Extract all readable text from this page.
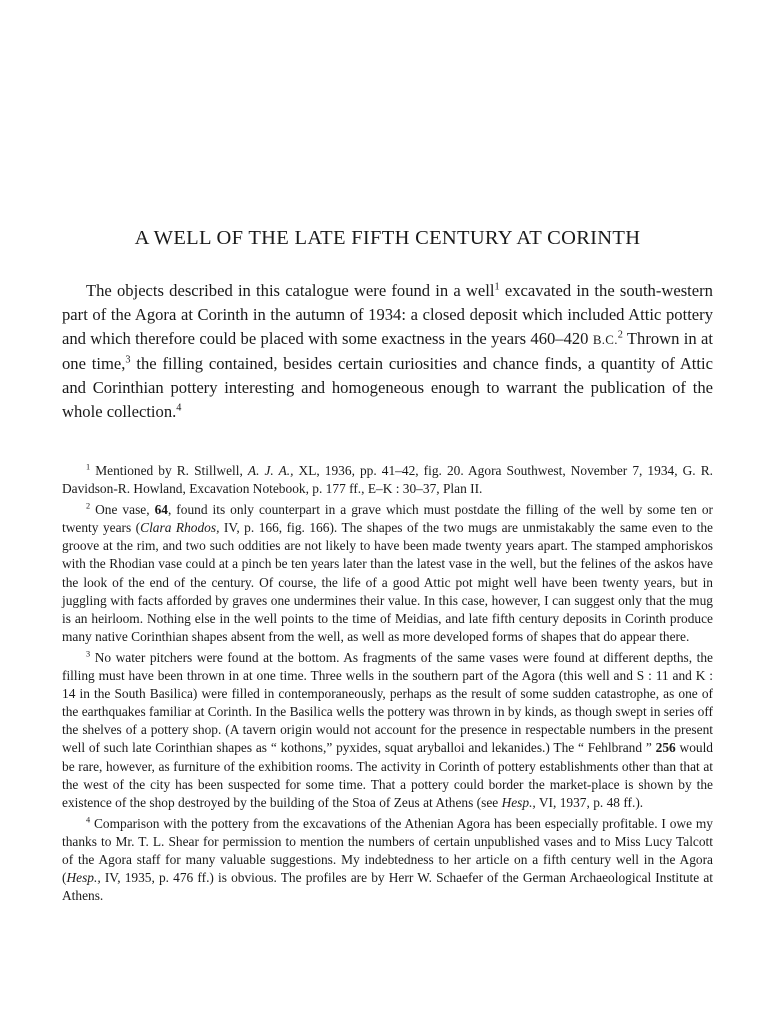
A WELL OF THE LATE FIFTH CENTURY AT CORINTH

The objects described in this catalogue were found in a well$^1$ excavated in the south-western part of the Agora at Corinth in the autumn of 1934: a closed deposit which included Attic pottery and which therefore could be placed with some exactness in the years 460–420 B.C.$^2$ Thrown in at one time,$^3$ the filling contained, besides certain curiosities and chance finds, a quantity of Attic and Corinthian pottery interesting and homogeneous enough to warrant the publication of the whole collection.$^4$

$^1$ Mentioned by R. Stillwell, A. J. A., XL, 1936, pp. 41–42, fig. 20. Agora Southwest, November 7, 1934, G. R. Davidson-R. Howland, Excavation Notebook, p. 177 ff., E–K : 30–37, Plan II.

$^2$ One vase, 64, found its only counterpart in a grave which must postdate the filling of the well by some ten or twenty years (Clara Rhodos, IV, p. 166, fig. 166). The shapes of the two mugs are unmistakably the same even to the groove at the rim, and two such oddities are not likely to have been made twenty years apart. The stamped amphoriskos with the Rhodian vase could at a pinch be ten years later than the latest vase in the well, but the felines of the askos have the look of the end of the century. Of course, the life of a good Attic pot might well have been twenty years, but in juggling with facts afforded by graves one undermines their value. In this case, however, I can suggest only that the mug is an heirloom. Nothing else in the well points to the time of Meidias, and late fifth century deposits in Corinth produce many native Corinthian shapes absent from the well, as well as more developed forms of shapes that do appear there.

$^3$ No water pitchers were found at the bottom. As fragments of the same vases were found at different depths, the filling must have been thrown in at one time. Three wells in the southern part of the Agora (this well and S : 11 and K : 14 in the South Basilica) were filled in contemporaneously, perhaps as the result of some sudden catastrophe, as one of the earthquakes familiar at Corinth. In the Basilica wells the pottery was thrown in by kinds, as though swept in series off the shelves of a pottery shop. (A tavern origin would not account for the presence in respectable numbers in the present well of such late Corinthian shapes as “ kothons,” pyxides, squat aryballoi and lekanides.) The “ Fehlbrand ” 256 would be rare, however, as furniture of the exhibition rooms. The activity in Corinth of pottery establishments other than that at the west of the city has been suspected for some time. That a pottery could border the market-place is shown by the existence of the shop destroyed by the building of the Stoa of Zeus at Athens (see Hesp., VI, 1937, p. 48 ff.).

$^4$ Comparison with the pottery from the excavations of the Athenian Agora has been especially profitable. I owe my thanks to Mr. T. L. Shear for permission to mention the numbers of certain unpublished vases and to Miss Lucy Talcott of the Agora staff for many valuable suggestions. My indebtedness to her article on a fifth century well in the Agora (Hesp., IV, 1935, p. 476 ff.) is obvious. The profiles are by Herr W. Schaefer of the German Archaeological Institute at Athens.
